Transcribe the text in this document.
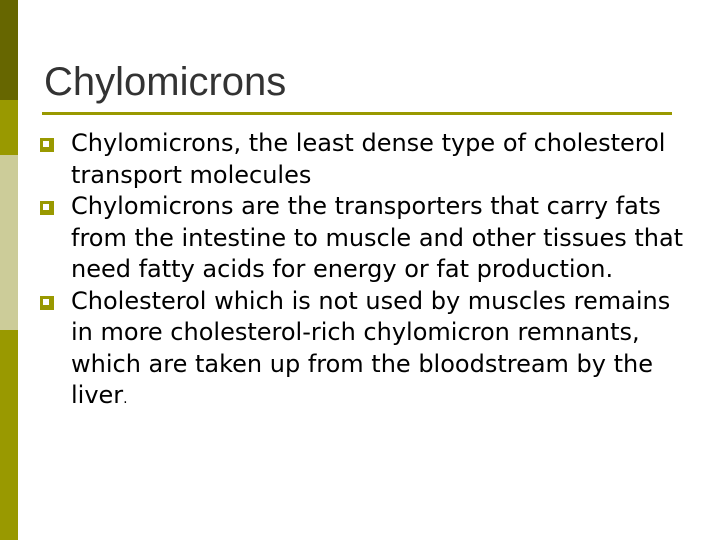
Chylomicrons
Chylomicrons, the least dense type of cholesterol transport molecules
Chylomicrons are the transporters that carry fats from the intestine to muscle and other tissues that need fatty acids for energy or fat production.
Cholesterol which is not used by muscles remains in more cholesterol-rich chylomicron remnants, which are taken up from the bloodstream by the liver.
